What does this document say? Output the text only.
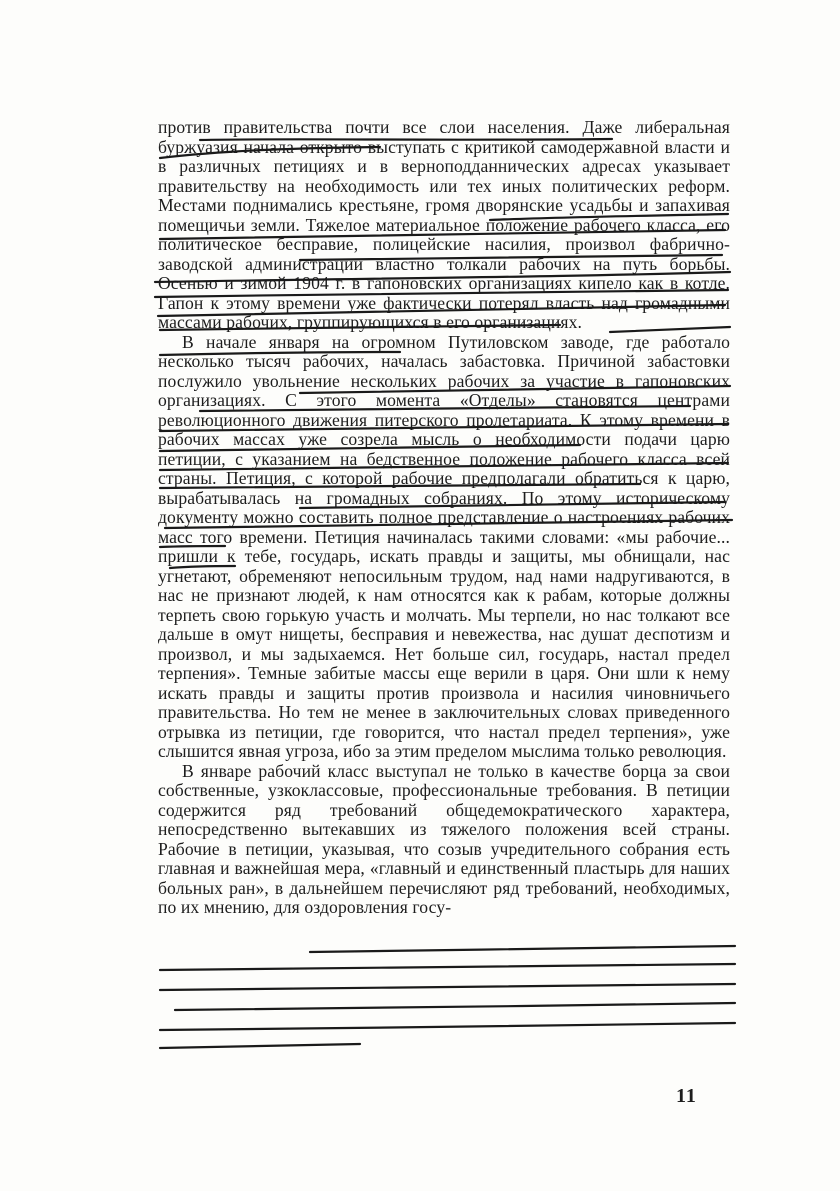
против правительства почти все слои населения. Даже либеральная буржуазия начала открыто выступать с критикой самодержавной власти и в различных петициях и в верноподданнических адресах указывает правительству на необходимость или тех иных политических реформ. Местами поднимались крестьяне, громя дворянские усадьбы и запахивая помещичьи земли. Тяжелое материальное положение рабочего класса, его политическое бесправие, полицейские насилия, произвол фабрично-заводской администрации властно толкали рабочих на путь борьбы. Осенью и зимой 1904 г. в гапоновских организациях кипело как в котле. Гапон к этому времени уже фактически потерял власть над громадными массами рабочих, группирующихся в его организациях.

В начале января на огромном Путиловском заводе, где работало несколько тысяч рабочих, началась забастовка. Причиной забастовки послужило увольнение нескольких рабочих за участие в гапоновских организациях. С этого момента «Отделы» становятся центрами революционного движения питерского пролетариата. К этому времени в рабочих массах уже созрела мысль о необходимости подачи царю петиции, с указанием на бедственное положение рабочего класса всей страны. Петиция, с которой рабочие предполагали обратиться к царю, вырабатывалась на громадных собраниях. По этому историческому документу можно составить полное представление о настроениях рабочих масс того времени. Петиция начиналась такими словами: «мы рабочие... пришли к тебе, государь, искать правды и защиты, мы обнищали, нас угнетают, обременяют непосильным трудом, над нами надругиваются, в нас не признают людей, к нам относятся как к рабам, которые должны терпеть свою горькую участь и молчать. Мы терпели, но нас толкают все дальше в омут нищеты, бесправия и невежества, нас душат деспотизм и произвол, и мы задыхаемся. Нет больше сил, государь, настал предел терпения». Темные забитые массы еще верили в царя. Они шли к нему искать правды и защиты против произвола и насилия чиновничьего правительства. Но тем не менее в заключительных словах приведенного отрывка из петиции, где говорится, что настал предел терпения», уже слышится явная угроза, ибо за этим пределом мыслима только революция.

В январе рабочий класс выступал не только в качестве борца за свои собственные, узкоклассовые, профессиональные требования. В петиции содержится ряд требований общедемократического характера, непосредственно вытекавших из тяжелого положения всей страны. Рабочие в петиции, указывая, что созыв учредительного собрания есть главная и важнейшая мера, «главный и единственный пластырь для наших больных ран», в дальнейшем перечисляют ряд требований, необходимых, по их мнению, для оздоровления госу-

11
